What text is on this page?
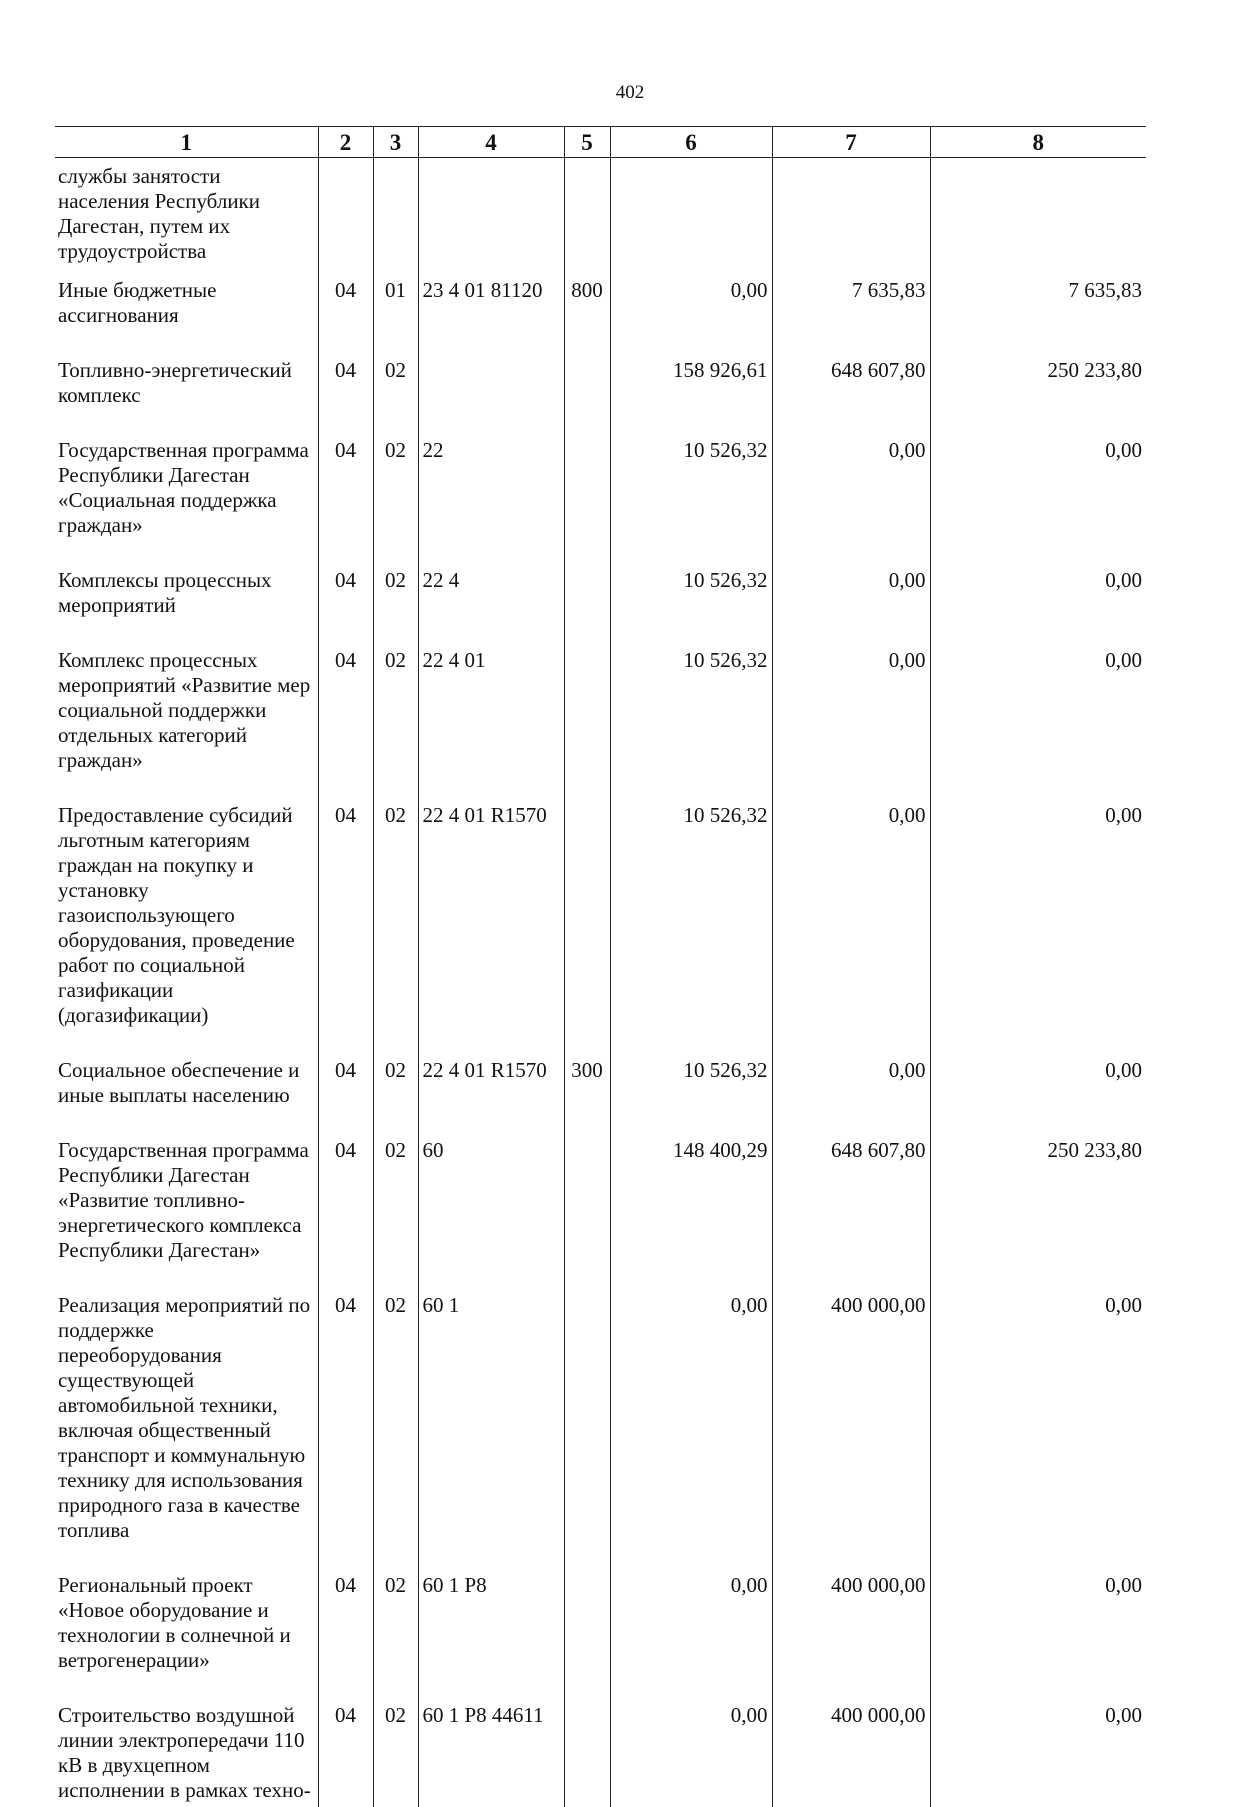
402
1	2	3	4	5	6	7	8
службы занятости населения Республики Дагестан, путем их трудоустройства							
Иные бюджетные ассигнования	04	01	23 4 01 81120	800	0,00	7 635,83	7 635,83
Топливно-энергетический комплекс	04	02			158 926,61	648 607,80	250 233,80
Государственная программа Республики Дагестан «Социальная поддержка граждан»	04	02	22		10 526,32	0,00	0,00
Комплексы процессных мероприятий	04	02	22 4		10 526,32	0,00	0,00
Комплекс процессных мероприятий «Развитие мер социальной поддержки отдельных категорий граждан»	04	02	22 4 01		10 526,32	0,00	0,00
Предоставление субсидий льготным категориям граждан на покупку и установку газоиспользующего оборудования, проведение работ по социальной газификации (догазификации)	04	02	22 4 01 R1570		10 526,32	0,00	0,00
Социальное обеспечение и иные выплаты населению	04	02	22 4 01 R1570	300	10 526,32	0,00	0,00
Государственная программа Республики Дагестан «Развитие топливно-энергетического комплекса Республики Дагестан»	04	02	60		148 400,29	648 607,80	250 233,80
Реализация мероприятий по поддержке переоборудования существующей автомобильной техники, включая общественный транспорт и коммунальную технику для использования природного газа в качестве топлива	04	02	60 1		0,00	400 000,00	0,00
Региональный проект «Новое оборудование и технологии в солнечной и ветрогенерации»	04	02	60 1 P8		0,00	400 000,00	0,00
Строительство воздушной линии электропередачи 110 кВ в двухцепном исполнении в рамках техно-	04	02	60 1 P8 44611		0,00	400 000,00	0,00
